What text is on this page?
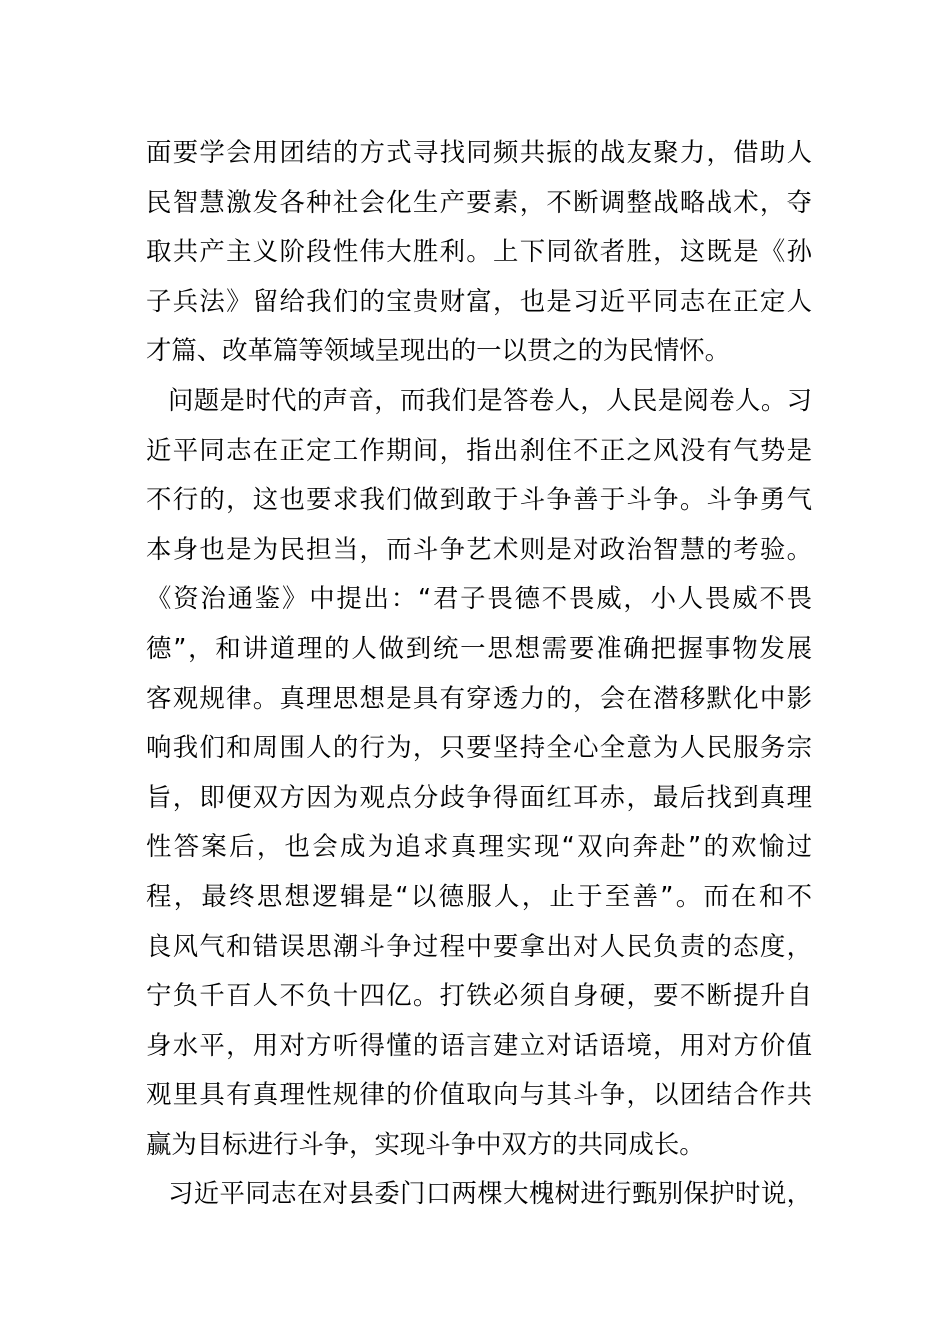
面要学会用团结的方式寻找同频共振的战友聚力，借助人
民智慧激发各种社会化生产要素，不断调整战略战术，夺
取共产主义阶段性伟大胜利。上下同欲者胜，这既是《孙
子兵法》留给我们的宝贵财富，也是习近平同志在正定人
才篇、改革篇等领域呈现出的一以贯之的为民情怀。
问题是时代的声音，而我们是答卷人，人民是阅卷人。习
近平同志在正定工作期间，指出刹住不正之风没有气势是
不行的，这也要求我们做到敢于斗争善于斗争。斗争勇气
本身也是为民担当，而斗争艺术则是对政治智慧的考验。
《资治通鉴》中提出：“君子畏德不畏威，小人畏威不畏
德”，和讲道理的人做到统一思想需要准确把握事物发展
客观规律。真理思想是具有穿透力的，会在潜移默化中影
响我们和周围人的行为，只要坚持全心全意为人民服务宗
旨，即便双方因为观点分歧争得面红耳赤，最后找到真理
性答案后，也会成为追求真理实现“双向奔赴”的欢愉过
程，最终思想逻辑是“以德服人，止于至善”。而在和不
良风气和错误思潮斗争过程中要拿出对人民负责的态度，
宁负千百人不负十四亿。打铁必须自身硬，要不断提升自
身水平，用对方听得懂的语言建立对话语境，用对方价值
观里具有真理性规律的价值取向与其斗争，以团结合作共
赢为目标进行斗争，实现斗争中双方的共同成长。
习近平同志在对县委门口两棵大槐树进行甄别保护时说，
